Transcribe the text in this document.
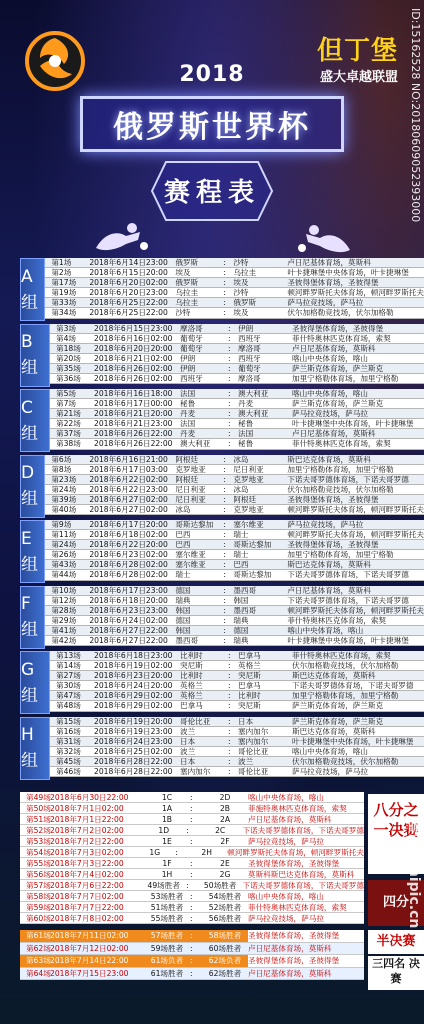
但丁堡
盛大卓越联盟 ID:15162528 NO:20180609052393000
2018
俄罗斯世界杯
赛程表
A组
第1场	2018年6月14日23:00 俄罗斯	: 沙特	卢日尼基体育场，莫斯科
第2场	2018年6月15日20:00 埃及	: 乌拉圭	叶卡捷琳堡中央体育场，叶卡捷琳堡
第17场	2018年6月20日02:00 俄罗斯	: 埃及	圣彼得堡体育场，圣彼得堡
第19场	2018年6月20日23:00 乌拉圭	: 沙特	顿河畔罗斯托夫体育场，顿河畔罗斯托夫
第33场	2018年6月25日22:00 乌拉圭	: 俄罗斯	萨马拉竞技场，萨马拉
第34场	2018年6月25日22:00 沙特	: 埃及	伏尔加格勒竞技场，伏尔加格勒
B组
第3场	2018年6月15日23:00 摩洛哥	: 伊朗	圣彼得堡体育场，圣彼得堡
第4场	2018年6月16日02:00 葡萄牙	: 西班牙	菲什特奥林匹克体育场，索契
第18场	2018年6月20日20:00 葡萄牙	: 摩洛哥	卢日尼基体育场，莫斯科
第20场	2018年6月21日02:00 伊朗	: 西班牙	喀山中央体育场，喀山
第35场	2018年6月26日02:00 伊朗	: 葡萄牙	萨兰斯克体育场，萨兰斯克
第36场	2018年6月26日02:00 西班牙	: 摩洛哥	加里宁格勒体育场，加里宁格勒
C组
第5场	2018年6月16日18:00 法国	: 澳大利亚	喀山中央体育场，喀山
第7场	2018年6月17日00:00 秘鲁	: 丹麦	萨兰斯克体育场，萨兰斯克
第21场	2018年6月21日20:00 丹麦	: 澳大利亚	萨马拉竞技场，萨马拉
第22场	2018年6月21日23:00 法国	: 秘鲁	叶卡捷琳堡中央体育场，叶卡捷琳堡
第37场	2018年6月26日22:00 丹麦	: 法国	卢日尼基体育场，莫斯科
第38场	2018年6月26日22:00 澳大利亚	: 秘鲁	菲什特奥林匹克体育场，索契
D组
第6场	2018年6月16日21:00 阿根廷	: 冰岛	斯巴达克体育场，莫斯科
第8场	2018年6月17日03:00 克罗地亚	: 尼日利亚	加里宁格勒体育场，加里宁格勒
第23场	2018年6月22日02:00 阿根廷	: 克罗地亚	下诺夫哥罗德体育场，下诺夫哥罗德
第24场	2018年6月22日23:00 尼日利亚	: 冰岛	伏尔加格勒竞技场，伏尔加格勒
第39场	2018年6月27日02:00 尼日利亚	: 阿根廷	圣彼得堡体育场，圣彼得堡
第40场	2018年6月27日02:00 冰岛	: 克罗地亚	顿河畔罗斯托夫体育场，顿河畔罗斯托夫
E组
第9场	2018年6月17日20:00 哥斯达黎加	: 塞尔维亚	萨马拉竞技场，萨马拉
第11场	2018年6月18日02:00 巴西	: 瑞士	顿河畔罗斯托夫体育场，顿河畔罗斯托夫
第24场	2018年6月22日20:00 巴西	: 哥斯达黎加	圣彼得堡体育场，圣彼得堡
第26场	2018年6月23日02:00 塞尔维亚	: 瑞士	加里宁格勒体育场，加里宁格勒
第43场	2018年6月28日02:00 塞尔维亚	: 巴西	斯巴达克体育场，莫斯科
第44场	2018年6月28日02:00 瑞士	: 哥斯达黎加	下诺夫哥罗德体育场，下诺夫哥罗德
F组
第10场	2018年6月17日23:00 德国	: 墨西哥	卢日尼基体育场，莫斯科
第12场	2018年6月18日20:00 瑞典	: 韩国	下诺夫哥罗德体育场，下诺夫哥罗德
第28场	2018年6月23日23:00 韩国	: 墨西哥	顿河畔罗斯托夫体育场，顿河畔罗斯托夫
第29场	2018年6月24日02:00 德国	: 瑞典	菲什特奥林匹克体育场，索契
第41场	2018年6月27日22:00 韩国	: 德国	喀山中央体育场，喀山
第42场	2018年6月27日22:00 墨西哥	: 瑞典	叶卡捷琳堡中央体育场，叶卡捷琳堡
G组
第13场	2018年6月18日23:00 比利时	: 巴拿马	菲什特奥林匹克体育场，索契
第14场	2018年6月19日02:00 突尼斯	: 英格兰	伏尔加格勒竞技场，伏尔加格勒
第27场	2018年6月23日20:00 比利时	: 突尼斯	斯巴达克体育场，莫斯科
第30场	2018年6月24日20:00 英格兰	: 巴拿马	下诺夫哥罗德体育场，下诺夫哥罗德
第47场	2018年6月29日02:00 英格兰	: 比利时	加里宁格勒体育场，加里宁格勒
第48场	2018年6月29日02:00 巴拿马	: 突尼斯	萨兰斯克体育场，萨兰斯克
H组
第15场	2018年6月19日20:00 哥伦比亚	: 日本	萨兰斯克体育场，萨兰斯克
第16场	2018年6月19日23:00 波兰	: 塞内加尔	斯巴达克体育场，莫斯科
第31场	2018年6月24日23:00 日本	: 塞内加尔	叶卡捷琳堡中央体育场，叶卡捷琳堡
第32场	2018年6月25日02:00 波兰	: 哥伦比亚	喀山中央体育场，喀山
第45场	2018年6月28日22:00 日本	: 波兰	伏尔加格勒竞技场，伏尔加格勒
第46场	2018年6月28日22:00 塞内加尔	: 哥伦比亚	萨马拉竞技场，萨马拉
第49场 2018年6月30日22:00	1C	:	2D	喀山中央体育场，喀山
第50场 2018年7月1日02:00	1A	:	2B	菲施特奥林匹克体育场，索契
第51场 2018年7月1日22:00	1B	:	2A	卢日尼基体育场，莫斯科
第52场 2018年7月2日02:00	1D	:	2C	下诺夫哥罗德体育场，下诺夫哥罗德
第53场 2018年7月2日22:00	1E	:	2F	萨马拉竞技场，萨马拉
第54场 2018年7月3日02:00	1G	:	2H	顿河畔罗斯托夫体育场，顿河畔罗斯托夫
第55场 2018年7月3日22:00	1F	:	2E	圣彼得堡体育场，圣彼得堡
第56场 2018年7月4日02:00	1H	:	2G	莫斯科斯巴达克体育场，莫斯科
第57场 2018年7月6日22:00	49场胜者 :	50场胜者 下诺夫哥罗德体育场，下诺夫哥罗德
第58场 2018年7月7日02:00	53场胜者 :	54场胜者 喀山中央体育场，喀山
第59场 2018年7月7日22:00	51场胜者 :	52场胜者 菲什特奥林匹克体育场，索契
第60场 2018年7月8日02:00	55场胜者 :	56场胜者 萨马拉竞技场，萨马拉
第61场 2018年7月11日02:00	57场胜者 :	58场胜者 圣彼得堡体育场，圣彼得堡
第62场 2018年7月12日02:00	59场胜者 :	60场胜者 卢日尼基体育场，莫斯科
第63场 2018年7月14日22:00	61场负者 :	62场负者 圣彼得堡体育场，圣彼得堡
第64场 2018年7月15日23:00	61场胜者 :	62场胜者 卢日尼基体育场，莫斯科
八分之一决赛
四分
半决赛
三四名 决赛
昵图网 nipic.cn
